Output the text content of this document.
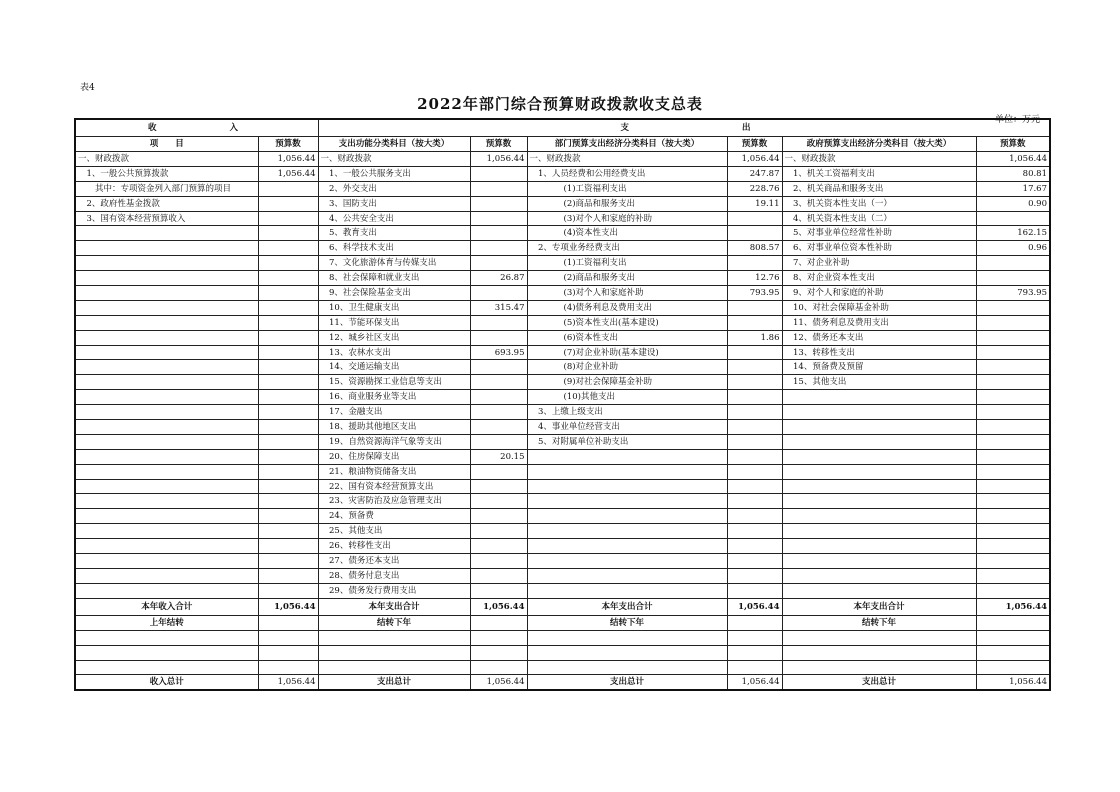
表4
2022年部门综合预算财政拨款收支总表
单位：万元
收 入		支 出					
项　　目	预算数	支出功能分类科目（按大类）	预算数	部门预算支出经济分类科目（按大类）	预算数	政府预算支出经济分类科目（按大类）	预算数
一、财政拨款	1,056.44	一、财政拨款	1,056.44	一、财政拨款	1,056.44	一、财政拨款	1,056.44
　1、一般公共预算拨款	1,056.44	　1、一般公共服务支出		　1、人员经费和公用经费支出	247.87	　1、机关工资福利支出	80.81
　　其中：专项资金列入部门预算的项目		　2、外交支出		　　　　(1)工资福利支出	228.76	　2、机关商品和服务支出	17.67
　2、政府性基金拨款		　3、国防支出		　　　　(2)商品和服务支出	19.11	　3、机关资本性支出（一）	0.90
　3、国有资本经营预算收入		　4、公共安全支出		　　　　(3)对个人和家庭的补助		　4、机关资本性支出（二）	
		　5、教育支出		　　　　(4)资本性支出		　5、对事业单位经常性补助	162.15
		　6、科学技术支出		　2、专项业务经费支出	808.57	　6、对事业单位资本性补助	0.96
		　7、文化旅游体育与传媒支出		　　　　(1)工资福利支出		　7、对企业补助	
		　8、社会保障和就业支出	26.87	　　　　(2)商品和服务支出	12.76	　8、对企业资本性支出	
		　9、社会保险基金支出		　　　　(3)对个人和家庭补助	793.95	　9、对个人和家庭的补助	793.95
		　10、卫生健康支出	315.47	　　　　(4)债务利息及费用支出		　10、对社会保障基金补助	
		　11、节能环保支出		　　　　(5)资本性支出(基本建设)		　11、债务利息及费用支出	
		　12、城乡社区支出		　　　　(6)资本性支出	1.86	　12、债务还本支出	
		　13、农林水支出	693.95	　　　　(7)对企业补助(基本建设)		　13、转移性支出	
		　14、交通运输支出		　　　　(8)对企业补助		　14、预备费及预留	
		　15、资源勘探工业信息等支出		　　　　(9)对社会保障基金补助		　15、其他支出	
		　16、商业服务业等支出		　　　　(10)其他支出			
		　17、金融支出		　3、上缴上级支出			
		　18、援助其他地区支出		　4、事业单位经营支出			
		　19、自然资源海洋气象等支出		　5、对附属单位补助支出			
		　20、住房保障支出	20.15				
		　21、粮油物资储备支出					
		　22、国有资本经营预算支出					
		　23、灾害防治及应急管理支出					
		　24、预备费					
		　25、其他支出					
		　26、转移性支出					
		　27、债务还本支出					
		　28、债务付息支出					
		　29、债务发行费用支出					
本年收入合计	1,056.44	本年支出合计	1,056.44	本年支出合计	1,056.44	本年支出合计	1,056.44
上年结转		结转下年		结转下年		结转下年	

收入总计	1,056.44	支出总计	1,056.44	支出总计	1,056.44	支出总计	1,056.44
